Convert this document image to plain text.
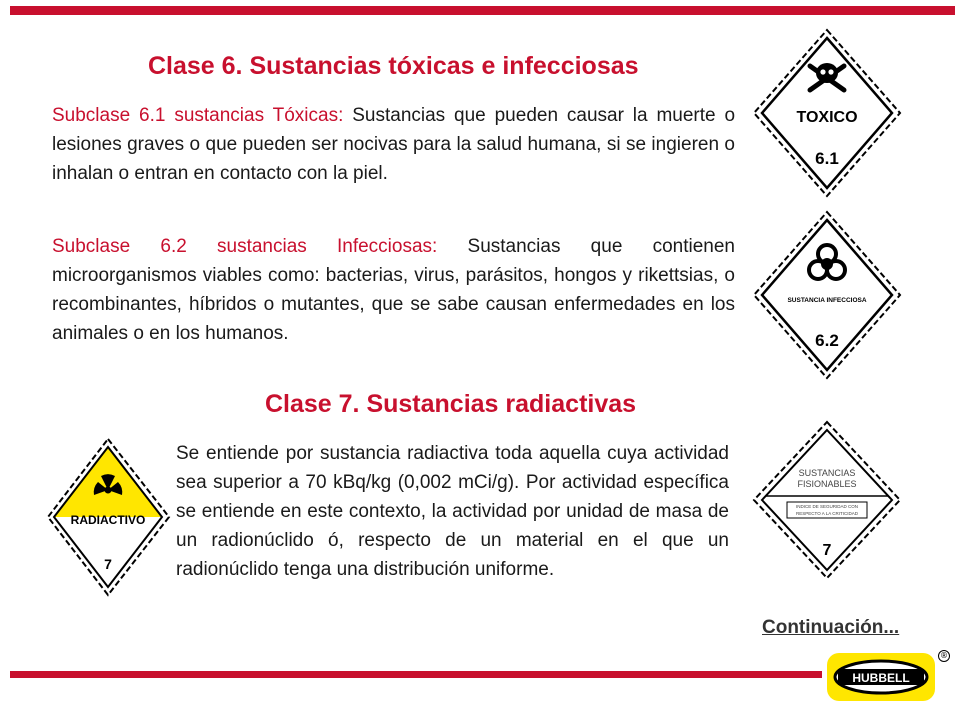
Clase 6. Sustancias tóxicas e infecciosas
Subclase 6.1 sustancias Tóxicas: Sustancias que pueden causar la muerte o lesiones graves o que pueden ser nocivas para la salud humana, si se ingieren o inhalan o entran en contacto con la piel.
Subclase 6.2 sustancias Infecciosas: Sustancias que contienen microorganismos viables como: bacterias, virus, parásitos, hongos y rikettsias, o recombinantes, híbridos o mutantes, que se sabe causan enfermedades en los animales o en los humanos.
Clase 7. Sustancias radiactivas
Se entiende por sustancia radiactiva toda aquella cuya actividad sea superior a 70 kBq/kg (0,002 mCi/g). Por actividad específica se entiende en este contexto, la actividad por unidad de masa de un radionúclido ó, respecto de un material en el que un radionúclido tenga una distribución uniforme.
TOXICO
6.1
SUSTANCIA INFECCIOSA
6.2
SUSTANCIAS
FISIONABLES
INDICE DE SEGURIDAD CON
RESPECTO A LA CRITICIDAD
7
RADIACTIVO
7
Continuación...
®
HUBBELL
